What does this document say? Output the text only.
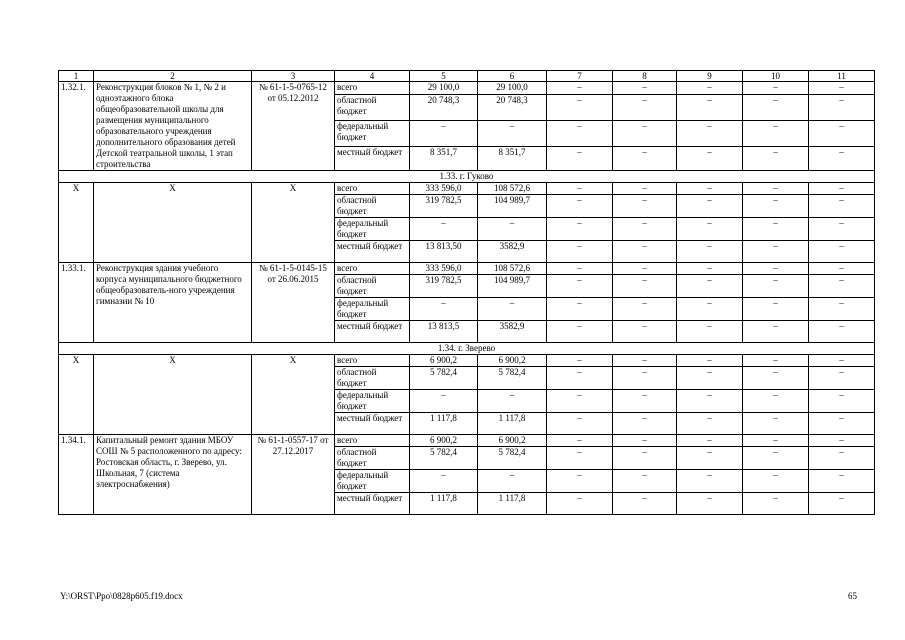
1	2	3	4	5	6	7	8	9	10	11
1.32.1.	Реконструкция блоков № 1, № 2 и одноэтажного блока общеобразовательной школы для размещения муниципального образовательного учреждения дополнительного образования детей Детской театральной школы, 1 этап строительства	№ 61-1-5-0765-12 от 05.12.2012	всего	29 100,0	29 100,0	–	–	–	–	–
			областной бюджет	20 748,3	20 748,3	–	–	–	–	–
			федеральный бюджет	–	–	–	–	–	–	–
			местный бюджет	8 351,7	8 351,7	–	–	–	–	–
1.33. г. Гуково										
X	X	X	всего	333 596,0	108 572,6	–	–	–	–	–
			областной бюджет	319 782,5	104 989,7	–	–	–	–	–
			федеральный бюджет	–	–	–	–	–	–	–
			местный бюджет	13 813,50	3582,9	–	–	–	–	–
1.33.1.	Реконструкция здания учебного корпуса муниципального бюджетного общеобразователь-ного учреждения гимназии № 10	№ 61-1-5-0145-15 от 26.06.2015	всего	333 596,0	108 572,6	–	–	–	–	–
			областной бюджет	319 782,5	104 989,7	–	–	–	–	–
			федеральный бюджет	–	–	–	–	–	–	–
			местный бюджет	13 813,5	3582,9	–	–	–	–	–
1.34. г. Зверево										
X	X	X	всего	6 900,2	6 900,2	–	–	–	–	–
			областной бюджет	5 782,4	5 782,4	–	–	–	–	–
			федеральный бюджет	–	–	–	–	–	–	–
			местный бюджет	1 117,8	1 117,8	–	–	–	–	–
1.34.1.	Капитальный ремонт здания МБОУ СОШ № 5 расположенного по адресу: Ростовская область, г. Зверево, ул. Школьная, 7 (система электроснабжения)	№ 61-1-0557-17 от 27.12.2017	всего	6 900,2	6 900,2	–	–	–	–	–
			областной бюджет	5 782,4	5 782,4	–	–	–	–	–
			федеральный бюджет	–	–	–	–	–	–	–
			местный бюджет	1 117,8	1 117,8	–	–	–	–	–
Y:\ORST\Ppo\0828p605.f19.docx	65
